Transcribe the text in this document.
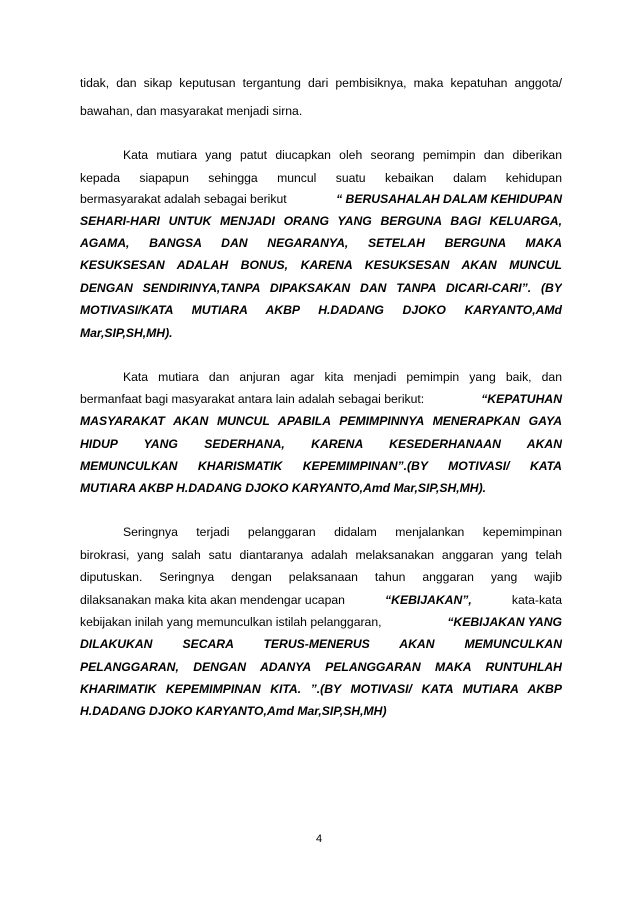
tidak, dan sikap keputusan tergantung dari pembisiknya, maka kepatuhan anggota/
bawahan, dan masyarakat menjadi sirna.
Kata mutiara yang patut diucapkan oleh seorang pemimpin dan diberikan
kepada siapapun sehingga muncul suatu kebaikan dalam kehidupan
bermasyarakat adalah sebagai berikut	“ BERUSAHALAH DALAM KEHIDUPAN
SEHARI-HARI UNTUK MENJADI ORANG YANG BERGUNA BAGI KELUARGA,
AGAMA, BANGSA DAN NEGARANYA, SETELAH BERGUNA MAKA
KESUKSESAN ADALAH BONUS, KARENA KESUKSESAN AKAN MUNCUL
DENGAN SENDIRINYA,TANPA DIPAKSAKAN DAN TANPA DICARI-CARI”. (BY
MOTIVASI/KATA MUTIARA AKBP H.DADANG DJOKO KARYANTO,AMd
Mar,SIP,SH,MH).
Kata mutiara dan anjuran agar kita menjadi pemimpin yang baik, dan
bermanfaat bagi masyarakat antara lain adalah sebagai berikut:	“KEPATUHAN
MASYARAKAT AKAN MUNCUL APABILA PEMIMPINNYA MENERAPKAN GAYA
HIDUP YANG SEDERHANA, KARENA KESEDERHANAAN AKAN
MEMUNCULKAN KHARISMATIK KEPEMIMPINAN”.(BY MOTIVASI/ KATA
MUTIARA AKBP H.DADANG DJOKO KARYANTO,Amd Mar,SIP,SH,MH).
Seringnya terjadi pelanggaran didalam menjalankan kepemimpinan
birokrasi, yang salah satu diantaranya adalah melaksanakan anggaran yang telah
diputuskan. Seringnya dengan pelaksanaan tahun anggaran yang wajib
dilaksanakan maka kita akan mendengar ucapan	“KEBIJAKAN”,	kata-kata
kebijakan inilah yang memunculkan istilah pelanggaran,	“KEBIJAKAN YANG
DILAKUKAN SECARA TERUS-MENERUS AKAN MEMUNCULKAN
PELANGGARAN, DENGAN ADANYA PELANGGARAN MAKA RUNTUHLAH
KHARIMATIK KEPEMIMPINAN KITA. ”.(BY MOTIVASI/ KATA MUTIARA AKBP
H.DADANG DJOKO KARYANTO,Amd Mar,SIP,SH,MH)
4
